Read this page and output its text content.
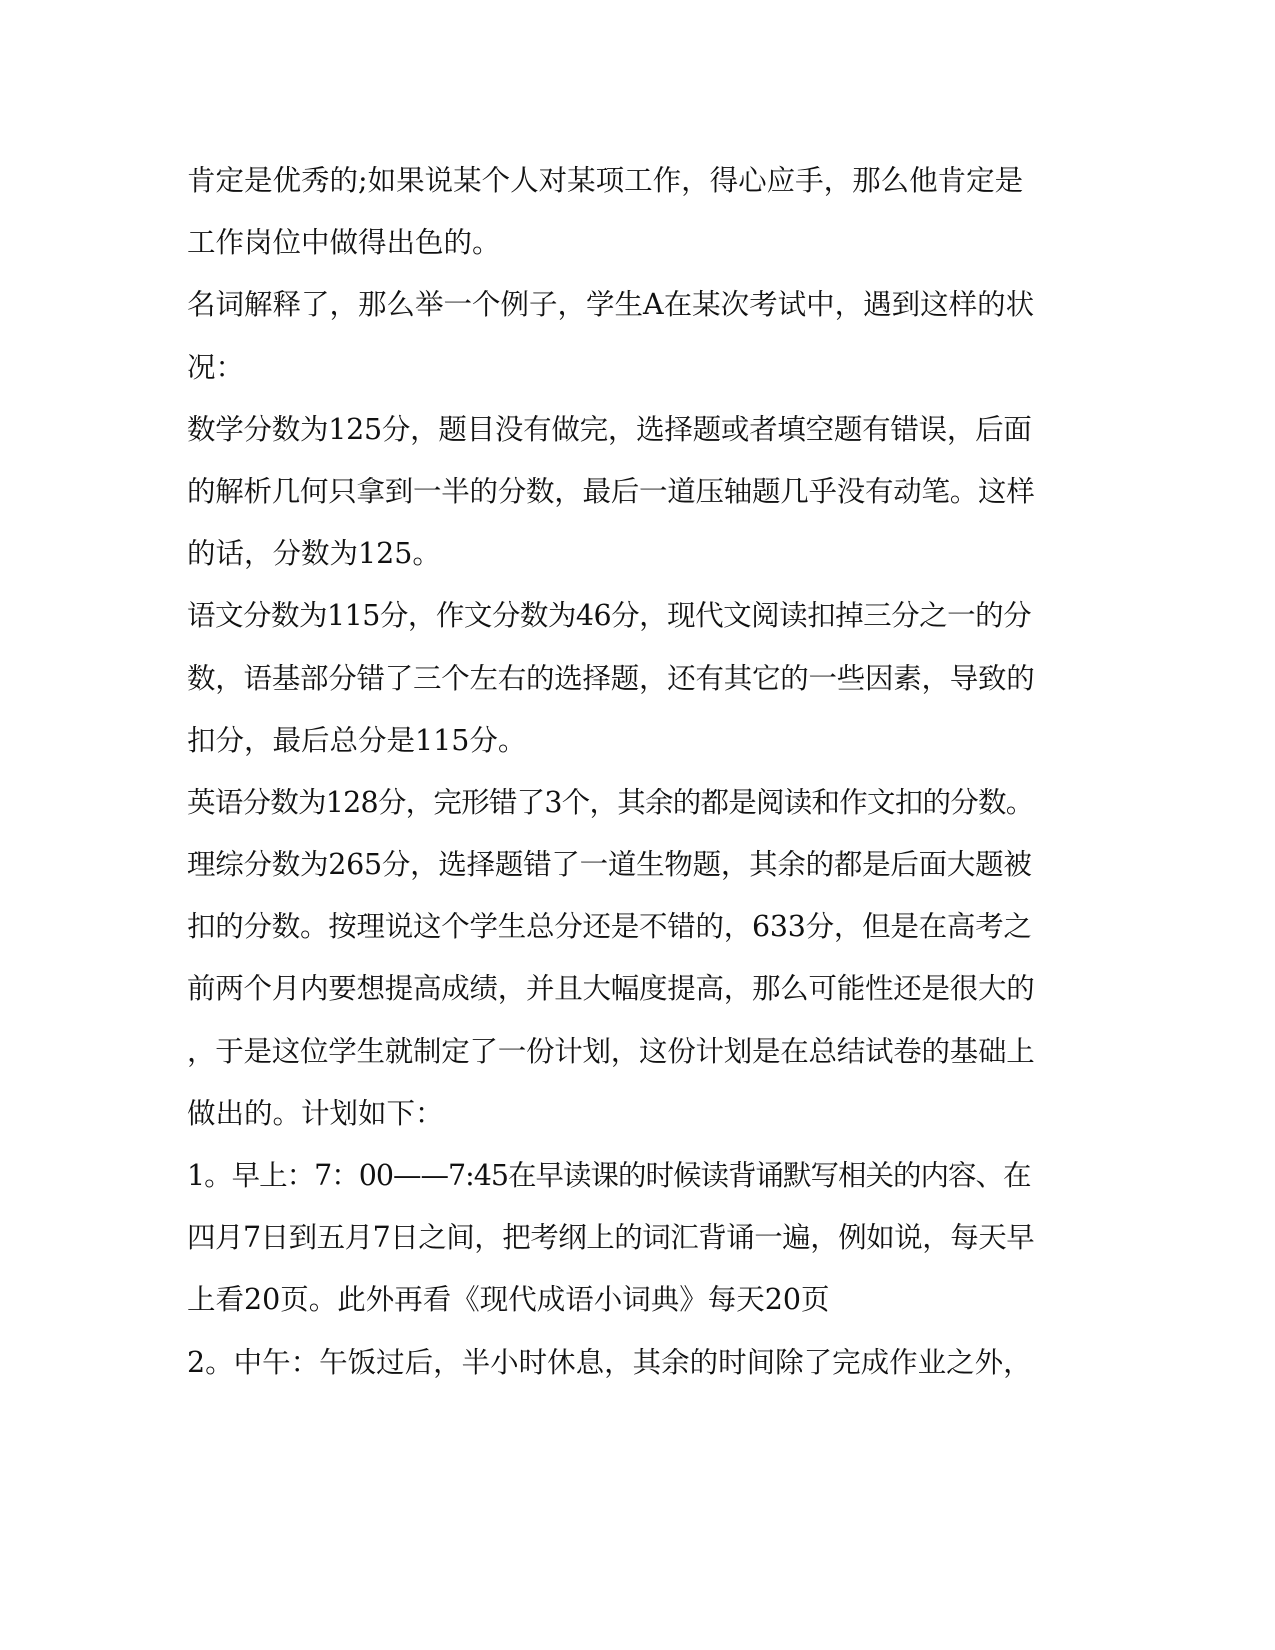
肯定是优秀的;如果说某个人对某项工作，得心应手，那么他肯定是
工作岗位中做得出色的。
名词解释了，那么举一个例子，学生A在某次考试中，遇到这样的状
况：
数学分数为125分，题目没有做完，选择题或者填空题有错误，后面
的解析几何只拿到一半的分数，最后一道压轴题几乎没有动笔。这样
的话，分数为125。
语文分数为115分，作文分数为46分，现代文阅读扣掉三分之一的分
数，语基部分错了三个左右的选择题，还有其它的一些因素，导致的
扣分，最后总分是115分。
英语分数为128分，完形错了3个，其余的都是阅读和作文扣的分数。
理综分数为265分，选择题错了一道生物题，其余的都是后面大题被
扣的分数。按理说这个学生总分还是不错的，633分，但是在高考之
前两个月内要想提高成绩，并且大幅度提高，那么可能性还是很大的
，于是这位学生就制定了一份计划，这份计划是在总结试卷的基础上
做出的。计划如下：
1。早上：7：00——7:45在早读课的时候读背诵默写相关的内容、在
四月7日到五月7日之间，把考纲上的词汇背诵一遍，例如说，每天早
上看20页。此外再看《现代成语小词典》每天20页
2。中午：午饭过后，半小时休息，其余的时间除了完成作业之外，
